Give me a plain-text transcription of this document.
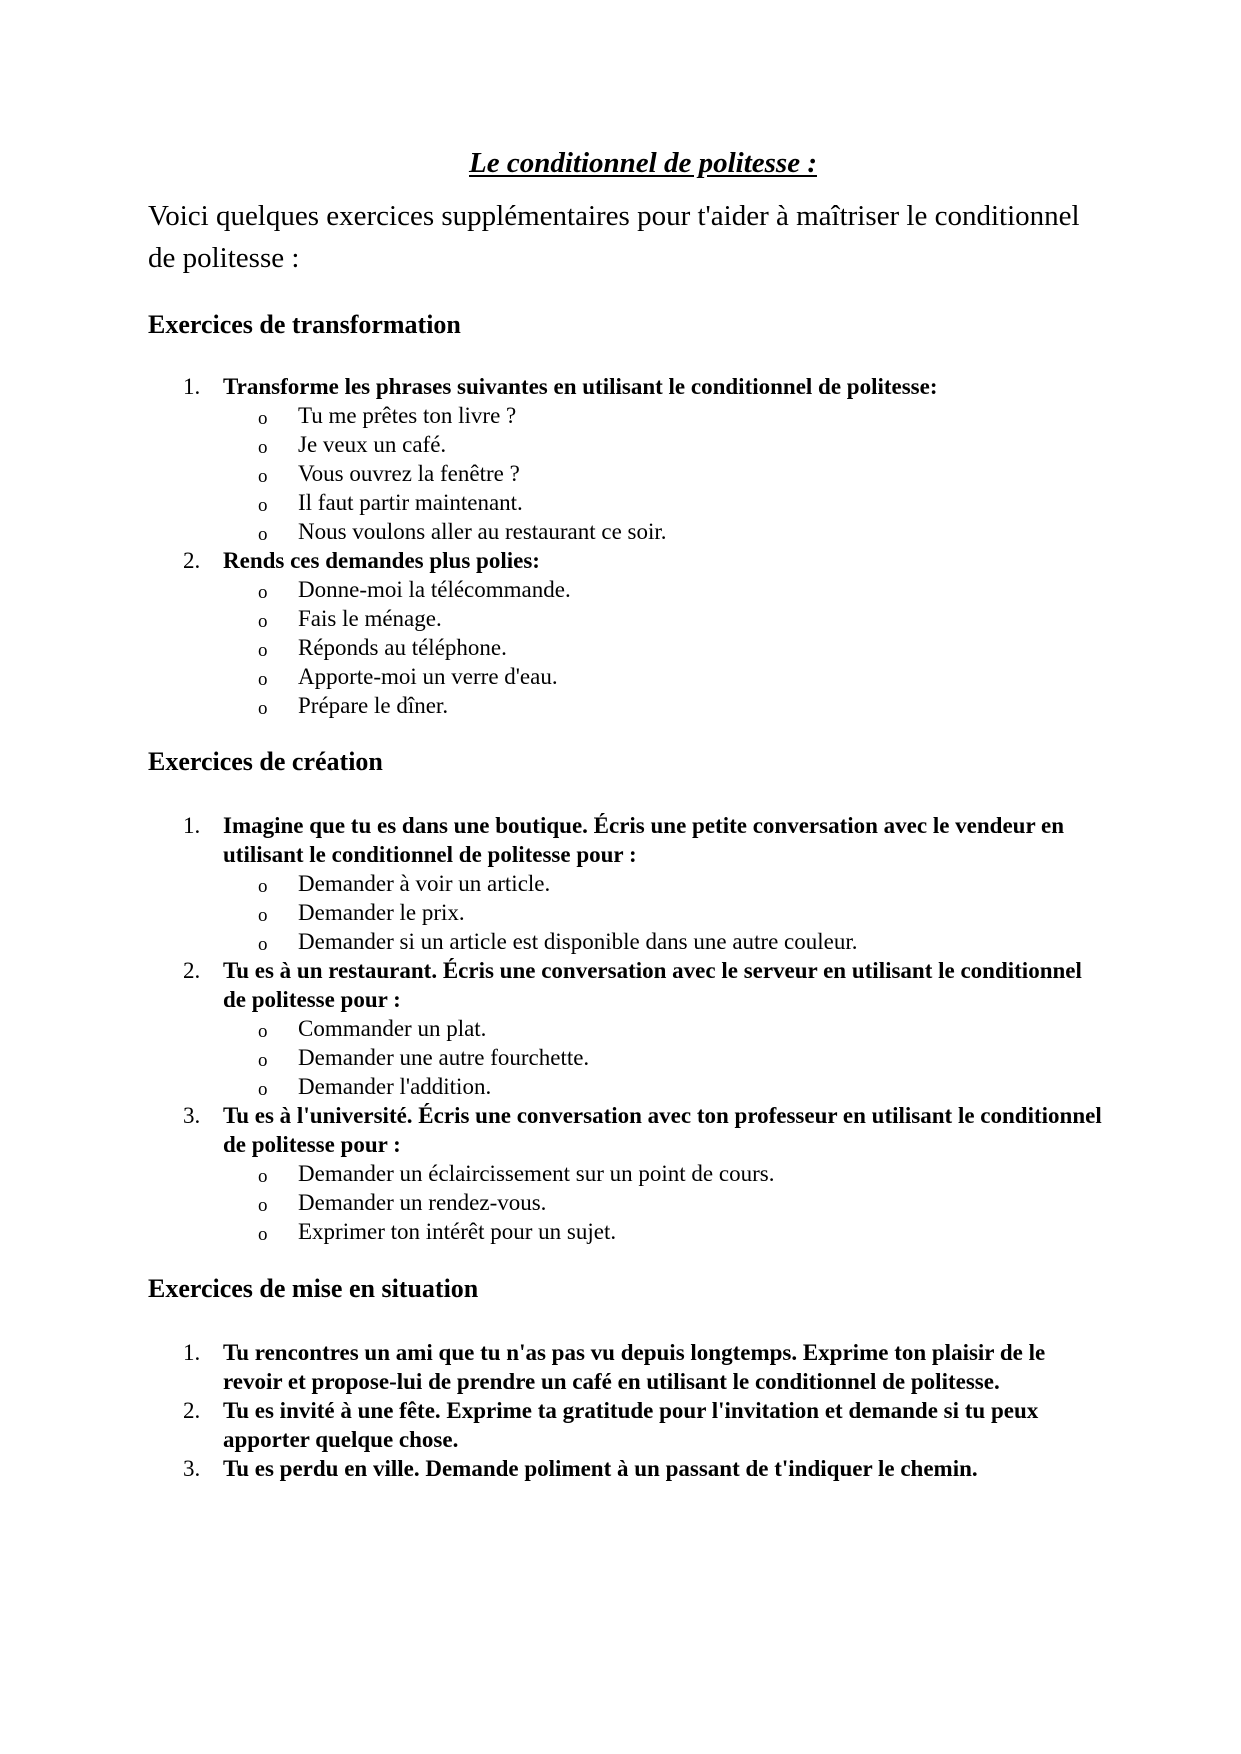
Le conditionnel de politesse :

Voici quelques exercices supplémentaires pour t'aider à maîtriser le conditionnel de politesse :

Exercices de transformation
1. Transforme les phrases suivantes en utilisant le conditionnel de politesse:
o Tu me prêtes ton livre ?
o Je veux un café.
o Vous ouvrez la fenêtre ?
o Il faut partir maintenant.
o Nous voulons aller au restaurant ce soir.
2. Rends ces demandes plus polies:
o Donne-moi la télécommande.
o Fais le ménage.
o Réponds au téléphone.
o Apporte-moi un verre d'eau.
o Prépare le dîner.
Exercices de création
1. Imagine que tu es dans une boutique. Écris une petite conversation avec le vendeur en utilisant le conditionnel de politesse pour :
o Demander à voir un article.
o Demander le prix.
o Demander si un article est disponible dans une autre couleur.
2. Tu es à un restaurant. Écris une conversation avec le serveur en utilisant le conditionnel de politesse pour :
o Commander un plat.
o Demander une autre fourchette.
o Demander l'addition.
3. Tu es à l'université. Écris une conversation avec ton professeur en utilisant le conditionnel de politesse pour :
o Demander un éclaircissement sur un point de cours.
o Demander un rendez-vous.
o Exprimer ton intérêt pour un sujet.
Exercices de mise en situation
1. Tu rencontres un ami que tu n'as pas vu depuis longtemps. Exprime ton plaisir de le revoir et propose-lui de prendre un café en utilisant le conditionnel de politesse.
2. Tu es invité à une fête. Exprime ta gratitude pour l'invitation et demande si tu peux apporter quelque chose.
3. Tu es perdu en ville. Demande poliment à un passant de t'indiquer le chemin.
